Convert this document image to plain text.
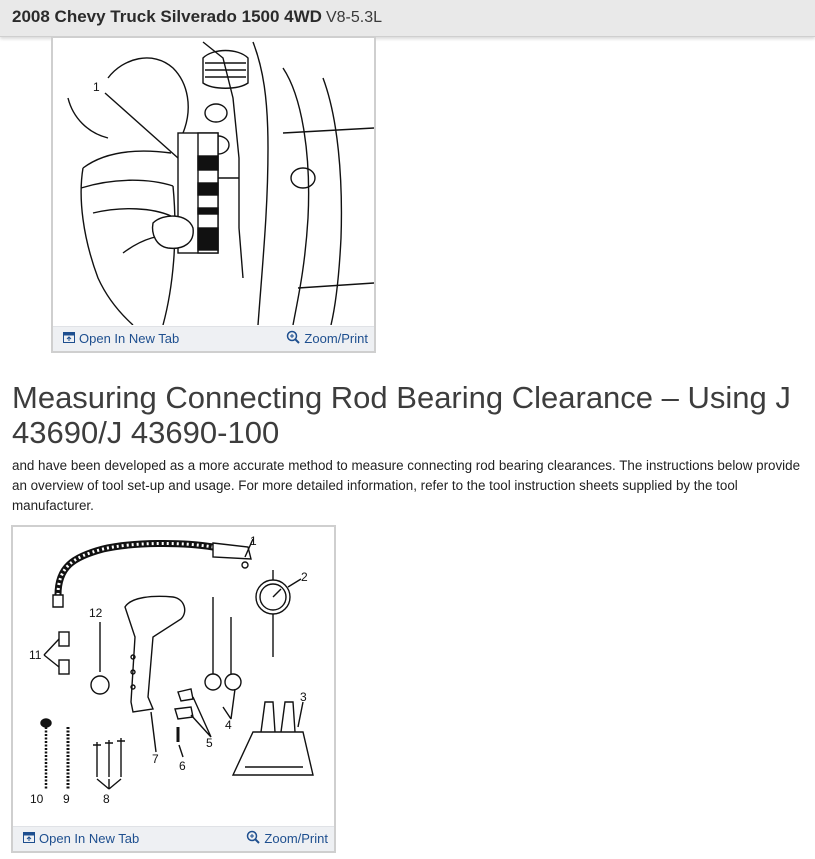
2008 Chevy Truck Silverado 1500 4WD V8-5.3L
1
Open In New Tab	Zoom/Print
Measuring Connecting Rod Bearing Clearance – Using J 43690/J 43690-100

and have been developed as a more accurate method to measure connecting rod bearing clearances. The instructions below provide an overview of tool set-up and usage. For more detailed information, refer to the tool instruction sheets supplied by the tool manufacturer.

1
2
3
4
5
6
7
8
9
10
11
12
Open In New Tab	Zoom/Print
